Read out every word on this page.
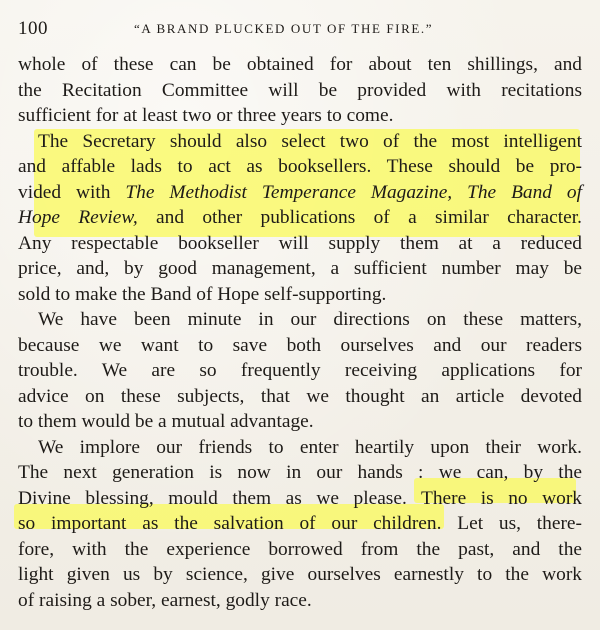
100	“A BRAND PLUCKED OUT OF THE FIRE.”
whole of these can be obtained for about ten shillings, and
the Recitation Committee will be provided with recitations
sufficient for at least two or three years to come.
The Secretary should also select two of the most intelligent
and affable lads to act as booksellers. These should be pro-
vided with The Methodist Temperance Magazine, The Band of
Hope Review, and other publications of a similar character.
Any respectable bookseller will supply them at a reduced
price, and, by good management, a sufficient number may be
sold to make the Band of Hope self-supporting.
We have been minute in our directions on these matters,
because we want to save both ourselves and our readers
trouble. We are so frequently receiving applications for
advice on these subjects, that we thought an article devoted
to them would be a mutual advantage.
We implore our friends to enter heartily upon their work.
The next generation is now in our hands : we can, by the
Divine blessing, mould them as we please. There is no work
so important as the salvation of our children. Let us, there-
fore, with the experience borrowed from the past, and the
light given us by science, give ourselves earnestly to the work
of raising a sober, earnest, godly race.
